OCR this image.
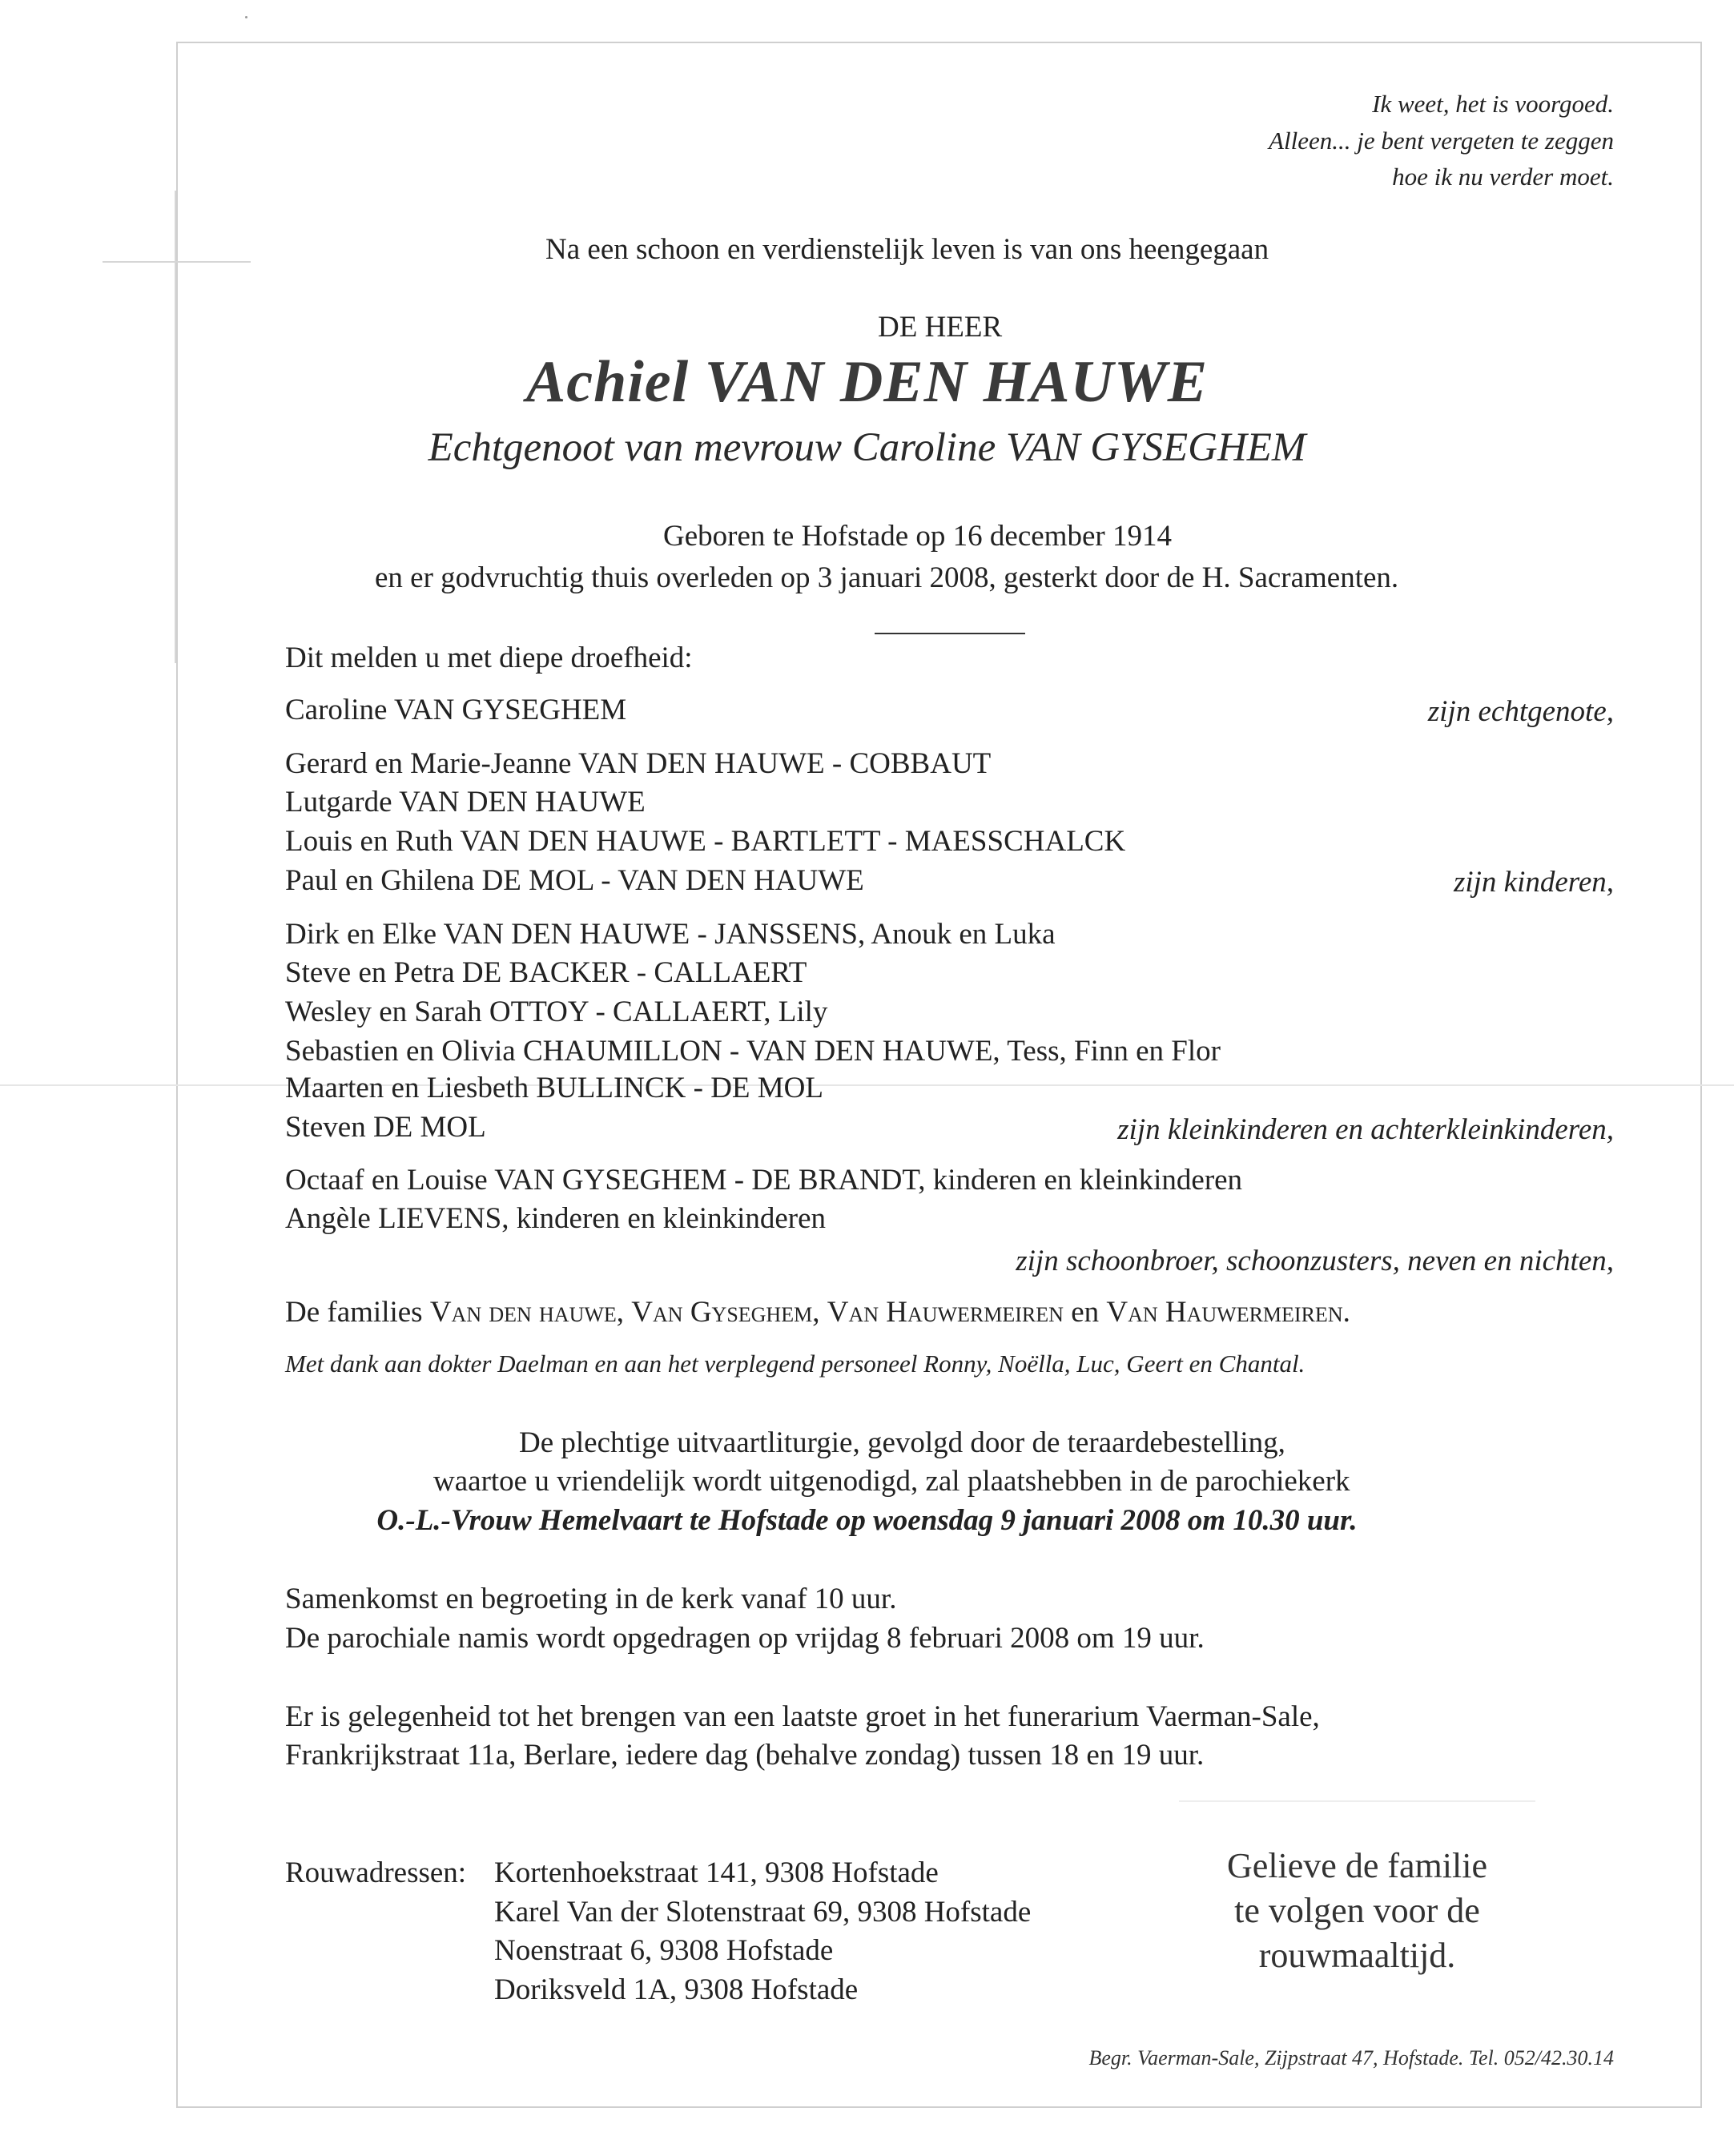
Ik weet, het is voorgoed.
Alleen... je bent vergeten te zeggen
hoe ik nu verder moet.
Na een schoon en verdienstelijk leven is van ons heengegaan
DE HEER
Achiel VAN DEN HAUWE
Echtgenoot van mevrouw Caroline VAN GYSEGHEM
Geboren te Hofstade op 16 december 1914
en er godvruchtig thuis overleden op 3 januari 2008, gesterkt door de H. Sacramenten.
Dit melden u met diepe droefheid:
Caroline VAN GYSEGHEM	zijn echtgenote,
Gerard en Marie-Jeanne VAN DEN HAUWE - COBBAUT
Lutgarde VAN DEN HAUWE
Louis en Ruth VAN DEN HAUWE - BARTLETT - MAESSCHALCK
Paul en Ghilena DE MOL - VAN DEN HAUWE	zijn kinderen,
Dirk en Elke VAN DEN HAUWE - JANSSENS, Anouk en Luka
Steve en Petra DE BACKER - CALLAERT
Wesley en Sarah OTTOY - CALLAERT, Lily
Sebastien en Olivia CHAUMILLON - VAN DEN HAUWE, Tess, Finn en Flor
Maarten en Liesbeth BULLINCK - DE MOL
Steven DE MOL	zijn kleinkinderen en achterkleinkinderen,
Octaaf en Louise VAN GYSEGHEM - DE BRANDT, kinderen en kleinkinderen
Angèle LIEVENS, kinderen en kleinkinderen
zijn schoonbroer, schoonzusters, neven en nichten,
De families Van den hauwe, Van Gyseghem, Van Hauwermeiren en Van Hauwermeiren.
Met dank aan dokter Daelman en aan het verplegend personeel Ronny, Noëlla, Luc, Geert en Chantal.
De plechtige uitvaartliturgie, gevolgd door de teraardebestelling,
waartoe u vriendelijk wordt uitgenodigd, zal plaatshebben in de parochiekerk
O.-L.-Vrouw Hemelvaart te Hofstade op woensdag 9 januari 2008 om 10.30 uur.
Samenkomst en begroeting in de kerk vanaf 10 uur.
De parochiale namis wordt opgedragen op vrijdag 8 februari 2008 om 19 uur.
Er is gelegenheid tot het brengen van een laatste groet in het funerarium Vaerman-Sale,
Frankrijkstraat 11a, Berlare, iedere dag (behalve zondag) tussen 18 en 19 uur.
Rouwadressen: Kortenhoekstraat 141, 9308 Hofstade
Karel Van der Slotenstraat 69, 9308 Hofstade
Noenstraat 6, 9308 Hofstade
Doriksveld 1A, 9308 Hofstade
Gelieve de familie
te volgen voor de
rouwmaaltijd.
Begr. Vaerman-Sale, Zijpstraat 47, Hofstade. Tel. 052/42.30.14
